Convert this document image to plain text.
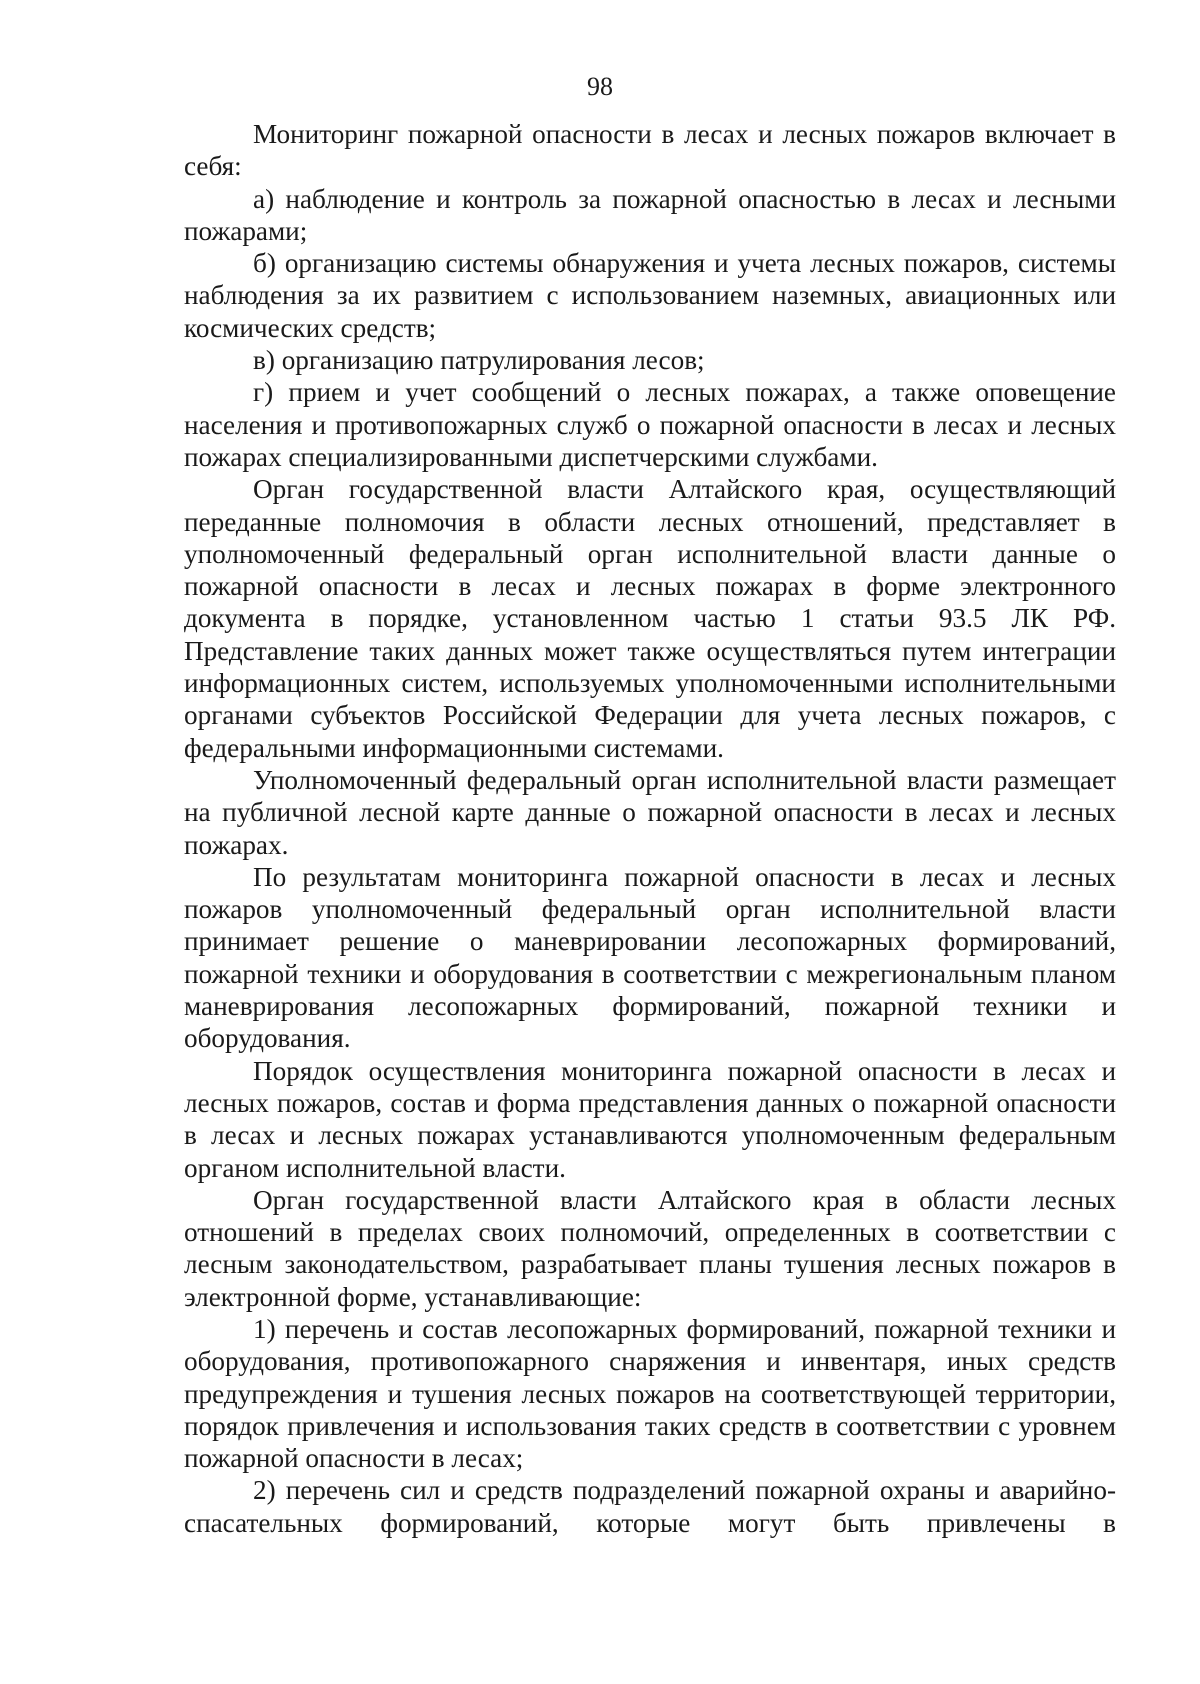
98

Мониторинг пожарной опасности в лесах и лесных пожаров включает в себя:

а) наблюдение и контроль за пожарной опасностью в лесах и лесными пожарами;

б) организацию системы обнаружения и учета лесных пожаров, системы наблюдения за их развитием с использованием наземных, авиационных или космических средств;

в) организацию патрулирования лесов;

г) прием и учет сообщений о лесных пожарах, а также оповещение населения и противопожарных служб о пожарной опасности в лесах и лесных пожарах специализированными диспетчерскими службами.

Орган государственной власти Алтайского края, осуществляющий переданные полномочия в области лесных отношений, представляет в уполномоченный федеральный орган исполнительной власти данные о пожарной опасности в лесах и лесных пожарах в форме электронного документа в порядке, установленном частью 1 статьи 93.5 ЛК РФ. Представление таких данных может также осуществляться путем интеграции информационных систем, используемых уполномоченными исполнительными органами субъектов Российской Федерации для учета лесных пожаров, с федеральными информационными системами.

Уполномоченный федеральный орган исполнительной власти размещает на публичной лесной карте данные о пожарной опасности в лесах и лесных пожарах.

По результатам мониторинга пожарной опасности в лесах и лесных пожаров уполномоченный федеральный орган исполнительной власти принимает решение о маневрировании лесопожарных формирований, пожарной техники и оборудования в соответствии с межрегиональным планом маневрирования лесопожарных формирований, пожарной техники и оборудования.

Порядок осуществления мониторинга пожарной опасности в лесах и лесных пожаров, состав и форма представления данных о пожарной опасности в лесах и лесных пожарах устанавливаются уполномоченным федеральным органом исполнительной власти.

Орган государственной власти Алтайского края в области лесных отношений в пределах своих полномочий, определенных в соответствии с лесным законодательством, разрабатывает планы тушения лесных пожаров в электронной форме, устанавливающие:

1) перечень и состав лесопожарных формирований, пожарной техники и оборудования, противопожарного снаряжения и инвентаря, иных средств предупреждения и тушения лесных пожаров на соответствующей территории, порядок привлечения и использования таких средств в соответствии с уровнем пожарной опасности в лесах;

2) перечень сил и средств подразделений пожарной охраны и аварийно-спасательных формирований, которые могут быть привлечены в
